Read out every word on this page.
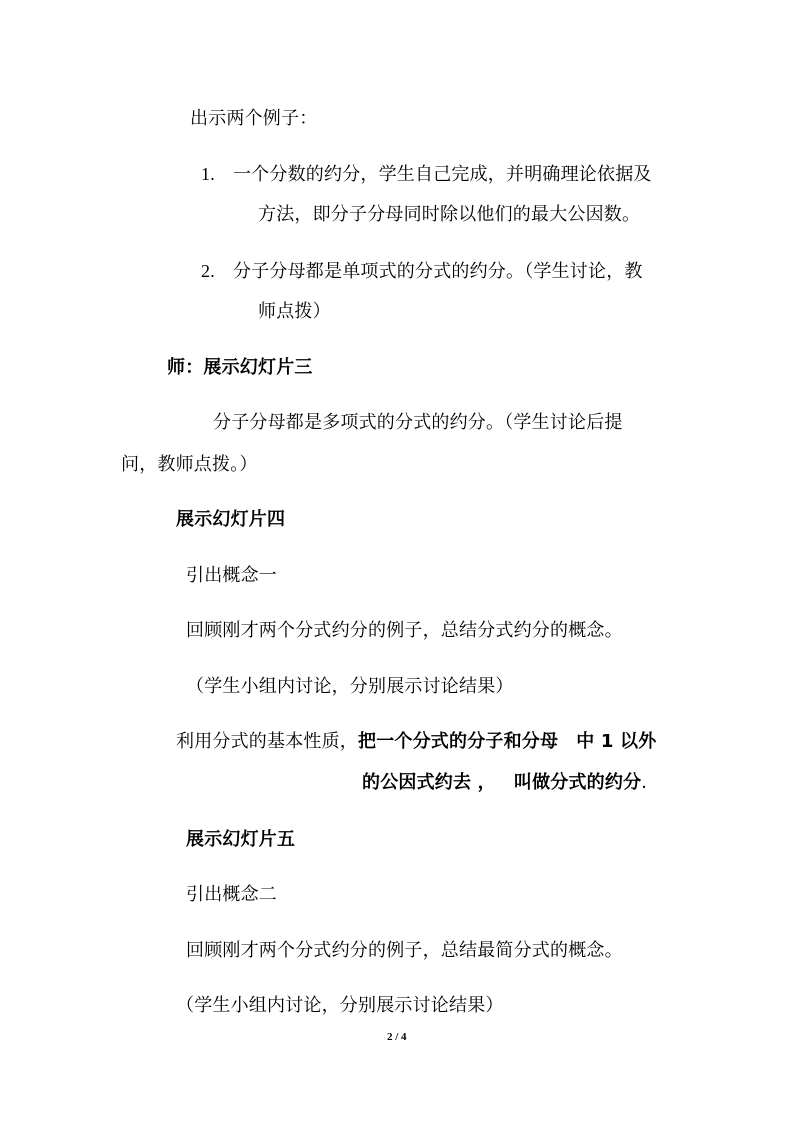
出示两个例子：
1. 一个分数的约分，学生自己完成，并明确理论依据及
方法，即分子分母同时除以他们的最大公因数。
2. 分子分母都是单项式的分式的约分。（学生讨论，教
师点拨）
师：展示幻灯片三
分子分母都是多项式的分式的约分。（学生讨论后提
问，教师点拨。）
展示幻灯片四
引出概念一
回顾刚才两个分式约分的例子，总结分式约分的概念。
（学生小组内讨论，分别展示讨论结果）
利用分式的基本性质，把一个分式的分子和分母 中 1 以外
的公因式约去 ， 叫做分式的约分.
展示幻灯片五
引出概念二
回顾刚才两个分式约分的例子，总结最简分式的概念。
（学生小组内讨论，分别展示讨论结果）
2 / 4
